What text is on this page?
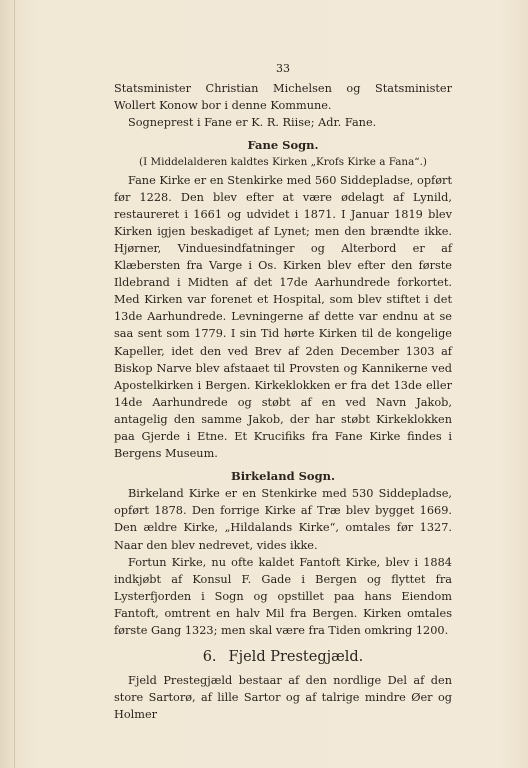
33

Statsminister Christian Michelsen og Statsminister Wollert Konow bor i denne Kommune.

Sogneprest i Fane er K. R. Riise; Adr. Fane.

Fane Sogn.
(I Middelalderen kaldtes Kirken „Krofs Kirke a Fana“.)

Fane Kirke er en Stenkirke med 560 Siddepladse, opført før 1228. Den blev efter at være ødelagt af Lynild, restaureret i 1661 og udvidet i 1871. I Januar 1819 blev Kirken igjen beskadiget af Lynet; men den brændte ikke. Hjørner, Vinduesindfatninger og Alterbord er af Klæbersten fra Varge i Os. Kirken blev efter den første Ildebrand i Midten af det 17de Aarhundrede forkortet. Med Kirken var forenet et Hospital, som blev stiftet i det 13de Aarhundrede. Levningerne af dette var endnu at se saa sent som 1779. I sin Tid hørte Kirken til de kongelige Kapeller, idet den ved Brev af 2den December 1303 af Biskop Narve blev afstaaet til Provsten og Kannikerne ved Apostelkirken i Bergen. Kirkeklokken er fra det 13de eller 14de Aarhundrede og støbt af en ved Navn Jakob, antagelig den samme Jakob, der har støbt Kirkeklokken paa Gjerde i Etne. Et Krucifiks fra Fane Kirke findes i Bergens Museum.

Birkeland Sogn.

Birkeland Kirke er en Stenkirke med 530 Siddepladse, opført 1878. Den forrige Kirke af Træ blev bygget 1669. Den ældre Kirke, „Hildalands Kirke“, omtales før 1327. Naar den blev nedrevet, vides ikke.

Fortun Kirke, nu ofte kaldet Fantoft Kirke, blev i 1884 indkjøbt af Konsul F. Gade i Bergen og flyttet fra Lysterfjorden i Sogn og opstillet paa hans Eiendom Fantoft, omtrent en halv Mil fra Bergen. Kirken omtales første Gang 1323; men skal være fra Tiden omkring 1200.

6. Fjeld Prestegjæld.

Fjeld Prestegjæld bestaar af den nordlige Del af den store Sartorø, af lille Sartor og af talrige mindre Øer og Holmer
